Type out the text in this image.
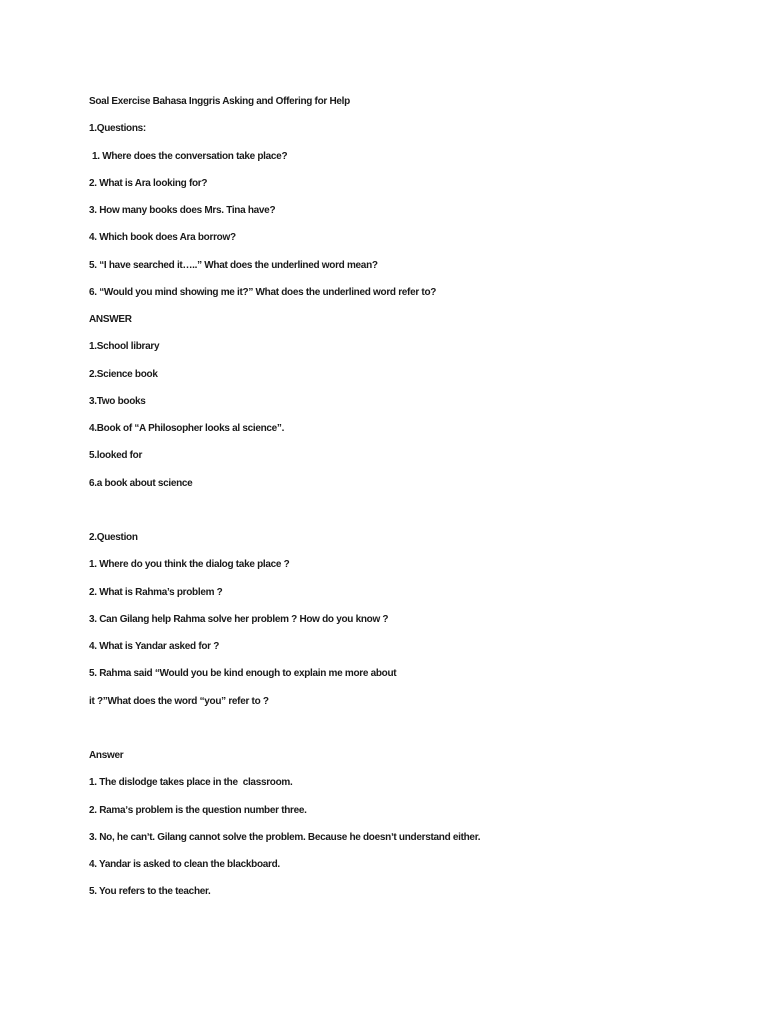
Soal Exercise Bahasa Inggris Asking and Offering for Help
1.Questions:
1. Where does the conversation take place?
2. What is Ara looking for?
3. How many books does Mrs. Tina have?
4. Which book does Ara borrow?
5. “I have searched it…..” What does the underlined word mean?
6. “Would you mind showing me it?” What does the underlined word refer to?
ANSWER
1.School library
2.Science book
3.Two books
4.Book of “A Philosopher looks al science”.
5.looked for
6.a book about science
2.Question
1. Where do you think the dialog take place ?
2. What is Rahma’s problem ?
3. Can Gilang help Rahma solve her problem ? How do you know ?
4. What is Yandar asked for ?
5. Rahma said “Would you be kind enough to explain me more about
it ?”What does the word “you” refer to ?
Answer
1. The dislodge takes place in the  classroom.
2. Ramaʼs problem is the question number three.
3. No, he canʼt. Gilang cannot solve the problem. Because he doesnʼt understand either.
4. Yandar is asked to clean the blackboard.
5. You refers to the teacher.
